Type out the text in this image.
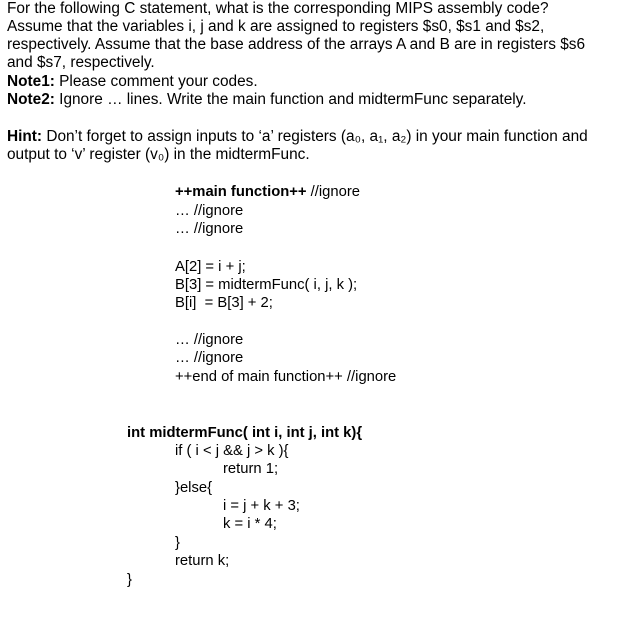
For the following C statement, what is the corresponding MIPS assembly code?
Assume that the variables i, j and k are assigned to registers $s0, $s1 and $s2,
respectively. Assume that the base address of the arrays A and B are in registers $s6
and $s7, respectively.
Note1: Please comment your codes.
Note2: Ignore … lines. Write the main function and midtermFunc separately.
Hint: Don’t forget to assign inputs to ‘a’ registers (a₀, a₁, a₂) in your main function and
output to ‘v’ register (v₀) in the midtermFunc.
++main function++ //ignore
… //ignore
… //ignore
A[2] = i + j;
B[3] = midtermFunc( i, j, k );
B[i]  = B[3] + 2;
… //ignore
… //ignore
++end of main function++ //ignore
int midtermFunc( int i, int j, int k){
if ( i < j && j > k ){
return 1;
}else{
i = j + k + 3;
k = i * 4;
}
return k;
}
